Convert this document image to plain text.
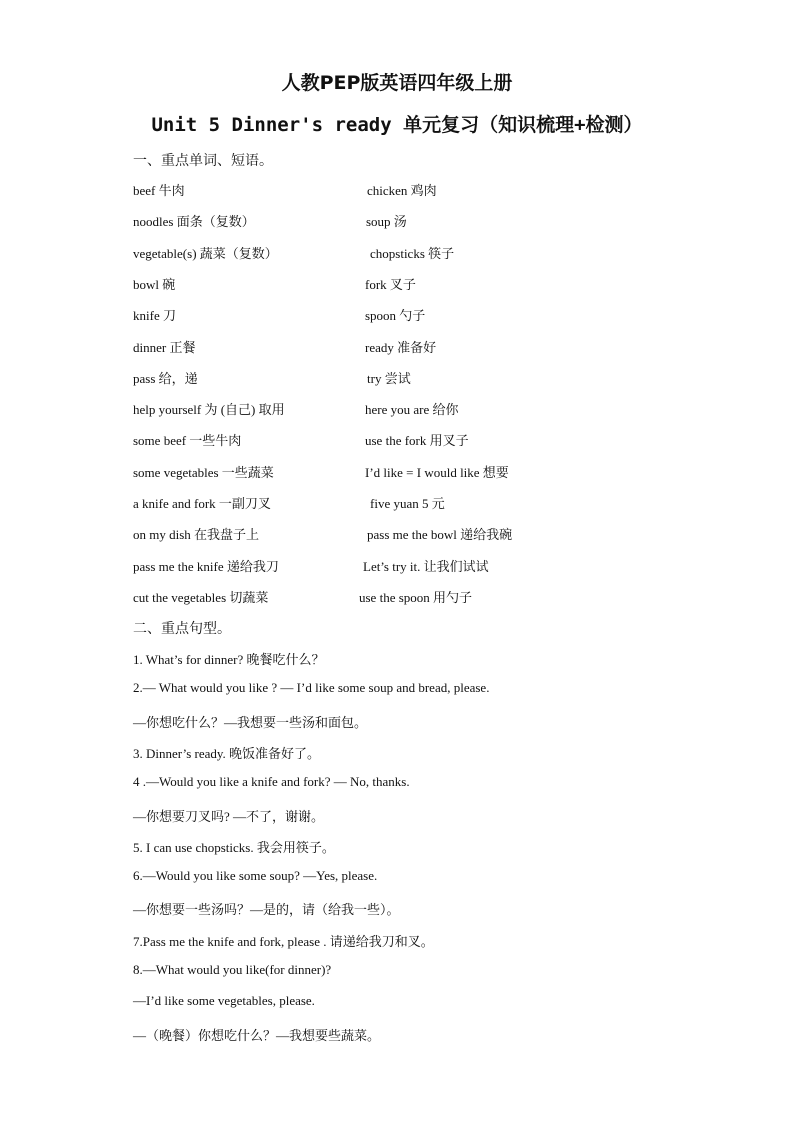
人教PEP版英语四年级上册
Unit 5 Dinner's ready 单元复习（知识梳理+检测）
一、重点单词、短语。
beef 牛肉	chicken 鸡肉
noodles 面条（复数）	soup 汤
vegetable(s) 蔬菜（复数）	chopsticks 筷子
bowl 碗	fork 叉子
knife 刀	spoon 勺子
dinner 正餐	ready 准备好
pass 给，递	try 尝试
help yourself 为 (自己) 取用	here you are 给你
some beef 一些牛肉	use the fork 用叉子
some vegetables 一些蔬菜	I’d like = I would like 想要
a knife and fork 一副刀叉	five yuan 5 元
on my dish 在我盘子上	pass me the bowl 递给我碗
pass me the knife 递给我刀	Let’s try it. 让我们试试
cut the vegetables 切蔬菜	use the spoon 用勺子
二、重点句型。
1. What’s for dinner? 晚餐吃什么？
2.— What would you like ? — I’d like some soup and bread, please.
—你想吃什么？—我想要一些汤和面包。
3. Dinner’s ready. 晚饭准备好了。
4 .—Would you like a knife and fork? — No, thanks.
—你想要刀叉吗? —不了，谢谢。
5. I can use chopsticks. 我会用筷子。
6.—Would you like some soup? —Yes, please.
—你想要一些汤吗？—是的，请（给我一些）。
7.Pass me the knife and fork, please . 请递给我刀和叉。
8.—What would you like(for dinner)?
—I’d like some vegetables, please.
—（晚餐）你想吃什么？—我想要些蔬菜。
